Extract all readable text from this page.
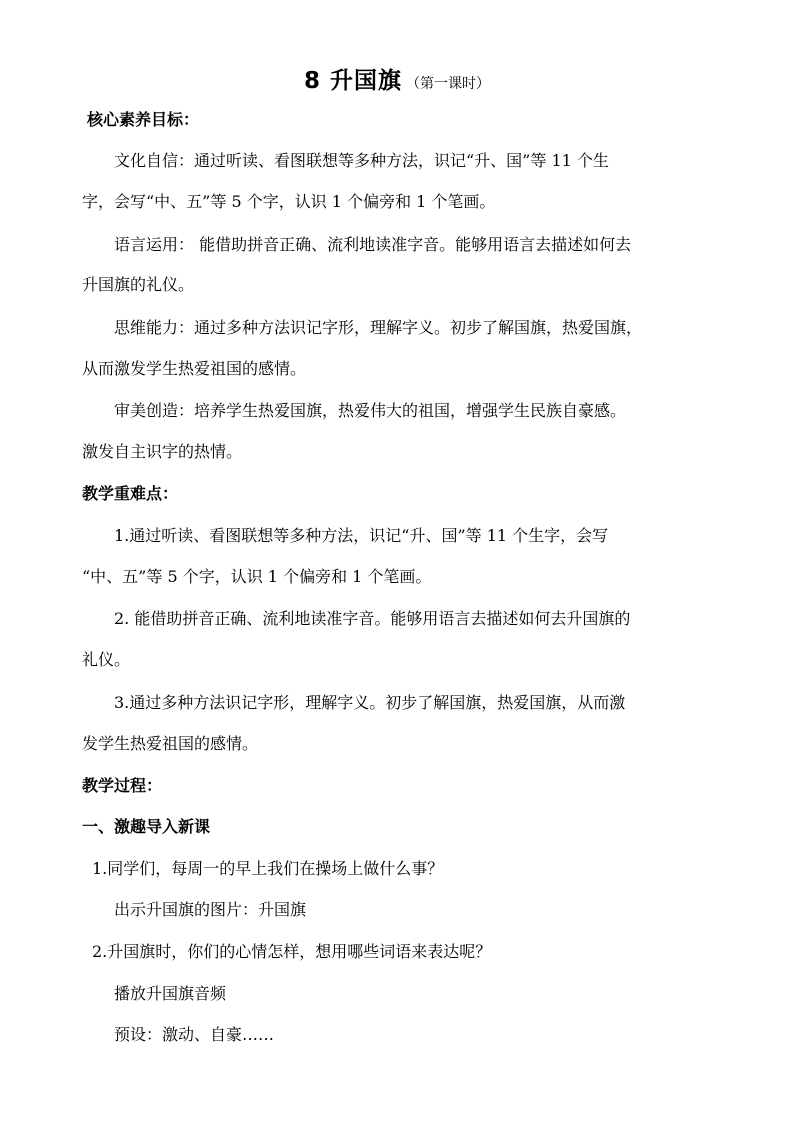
8 升国旗 （第一课时）
核心素养目标：
文化自信：通过听读、看图联想等多种方法，识记“升、国”等 11 个生
字，会写“中、五”等 5 个字，认识 1 个偏旁和 1 个笔画。
语言运用： 能借助拼音正确、流利地读准字音。能够用语言去描述如何去
升国旗的礼仪。
思维能力：通过多种方法识记字形，理解字义。初步了解国旗，热爱国旗，
从而激发学生热爱祖国的感情。
审美创造：培养学生热爱国旗，热爱伟大的祖国，增强学生民族自豪感。
激发自主识字的热情。
教学重难点：
1.通过听读、看图联想等多种方法，识记“升、国”等 11 个生字，会写
“中、五”等 5 个字，认识 1 个偏旁和 1 个笔画。
2. 能借助拼音正确、流利地读准字音。能够用语言去描述如何去升国旗的
礼仪。
3.通过多种方法识记字形，理解字义。初步了解国旗，热爱国旗，从而激
发学生热爱祖国的感情。
教学过程：
一、激趣导入新课
1.同学们，每周一的早上我们在操场上做什么事？
出示升国旗的图片：升国旗
2.升国旗时，你们的心情怎样，想用哪些词语来表达呢？
播放升国旗音频
预设：激动、自豪……
